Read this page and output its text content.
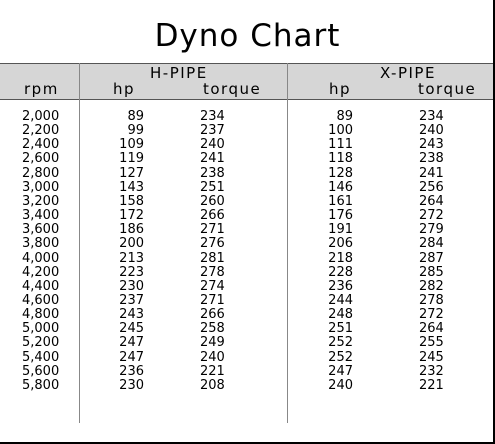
Dyno Chart
H-PIPE	X-PIPE
rpm	hp	torque	hp	torque
2,000	89	234	89	234
2,200	99	237	100	240
2,400	109	240	111	243
2,600	119	241	118	238
2,800	127	238	128	241
3,000	143	251	146	256
3,200	158	260	161	264
3,400	172	266	176	272
3,600	186	271	191	279
3,800	200	276	206	284
4,000	213	281	218	287
4,200	223	278	228	285
4,400	230	274	236	282
4,600	237	271	244	278
4,800	243	266	248	272
5,000	245	258	251	264
5,200	247	249	252	255
5,400	247	240	252	245
5,600	236	221	247	232
5,800	230	208	240	221
